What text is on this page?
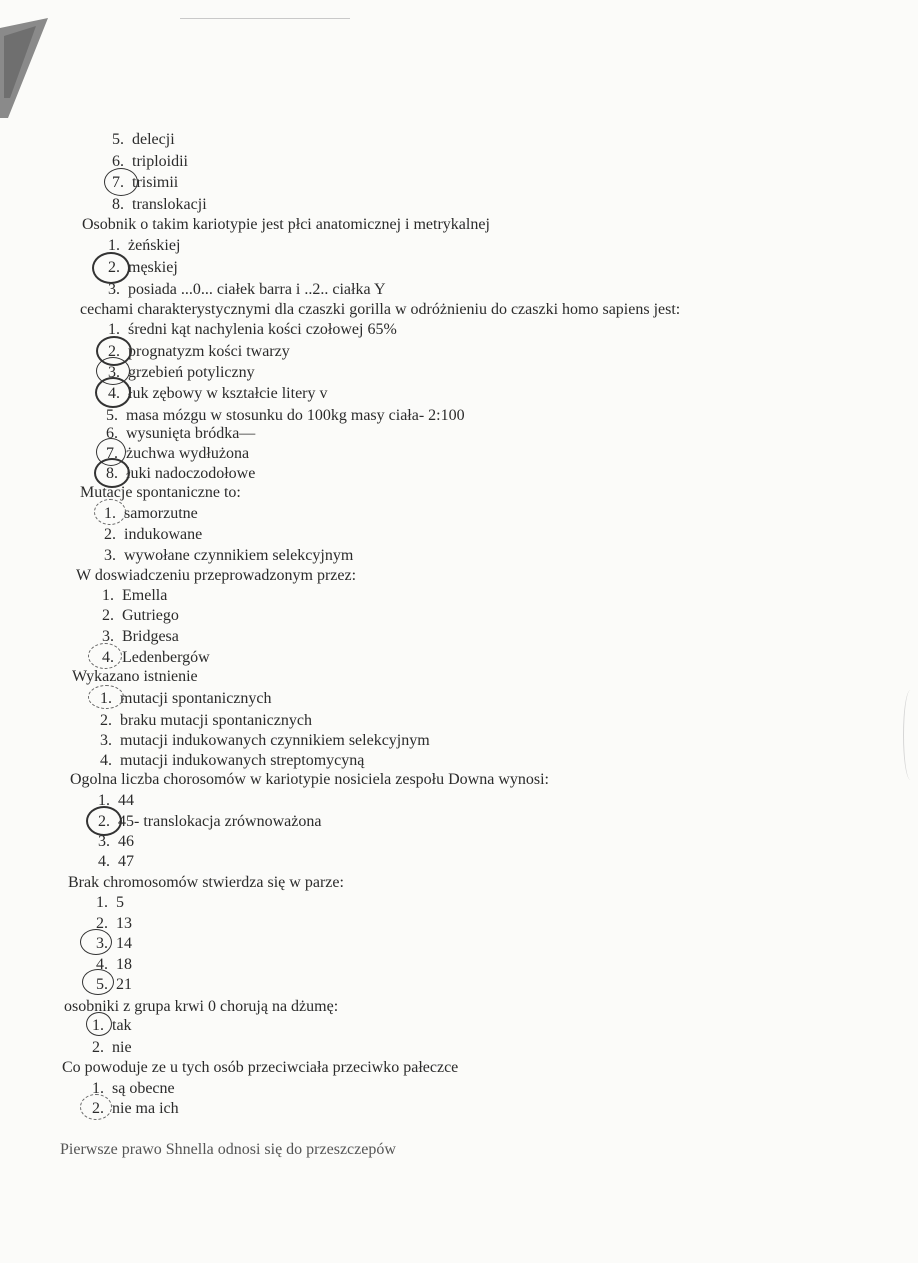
5. delecji
6. triploidii
7. trisimii
8. translokacji
Osobnik o takim kariotypie jest płci anatomicznej i metrykalnej
1. żeńskiej
2. męskiej
3. posiada ...0... ciałek barra i ..2.. ciałka Y
cechami charakterystycznymi dla czaszki gorilla w odróżnieniu do czaszki homo sapiens jest:
1. średni kąt nachylenia kości czołowej 65%
2. prognatyzm kości twarzy
3. grzebień potyliczny
4. łuk zębowy w kształcie litery v
5. masa mózgu w stosunku do 100kg masy ciała- 2:100
6. wysunięta bródka—
7. żuchwa wydłużona
8. łuki nadoczodołowe
Mutacje spontaniczne to:
1. samorzutne
2. indukowane
3. wywołane czynnikiem selekcyjnym
W doswiadczeniu przeprowadzonym przez:
1. Emella
2. Gutriego
3. Bridgesa
4. Ledenbergów
Wykazano istnienie
1. mutacji spontanicznych
2. braku mutacji spontanicznych
3. mutacji indukowanych czynnikiem selekcyjnym
4. mutacji indukowanych streptomycyną
Ogolna liczba chorosomów w kariotypie nosiciela zespołu Downa wynosi:
1. 44
2. 45- translokacja zrównoważona
3. 46
4. 47
Brak chromosomów stwierdza się w parze:
1. 5
2. 13
3. 14
4. 18
5. 21
osobniki z grupa krwi 0 chorują na dżumę:
1. tak
2. nie
Co powoduje ze u tych osób przeciwciała przeciwko pałeczce
1. są obecne
2. nie ma ich
Pierwsze prawo Shnella odnosi się do przeszczepów
